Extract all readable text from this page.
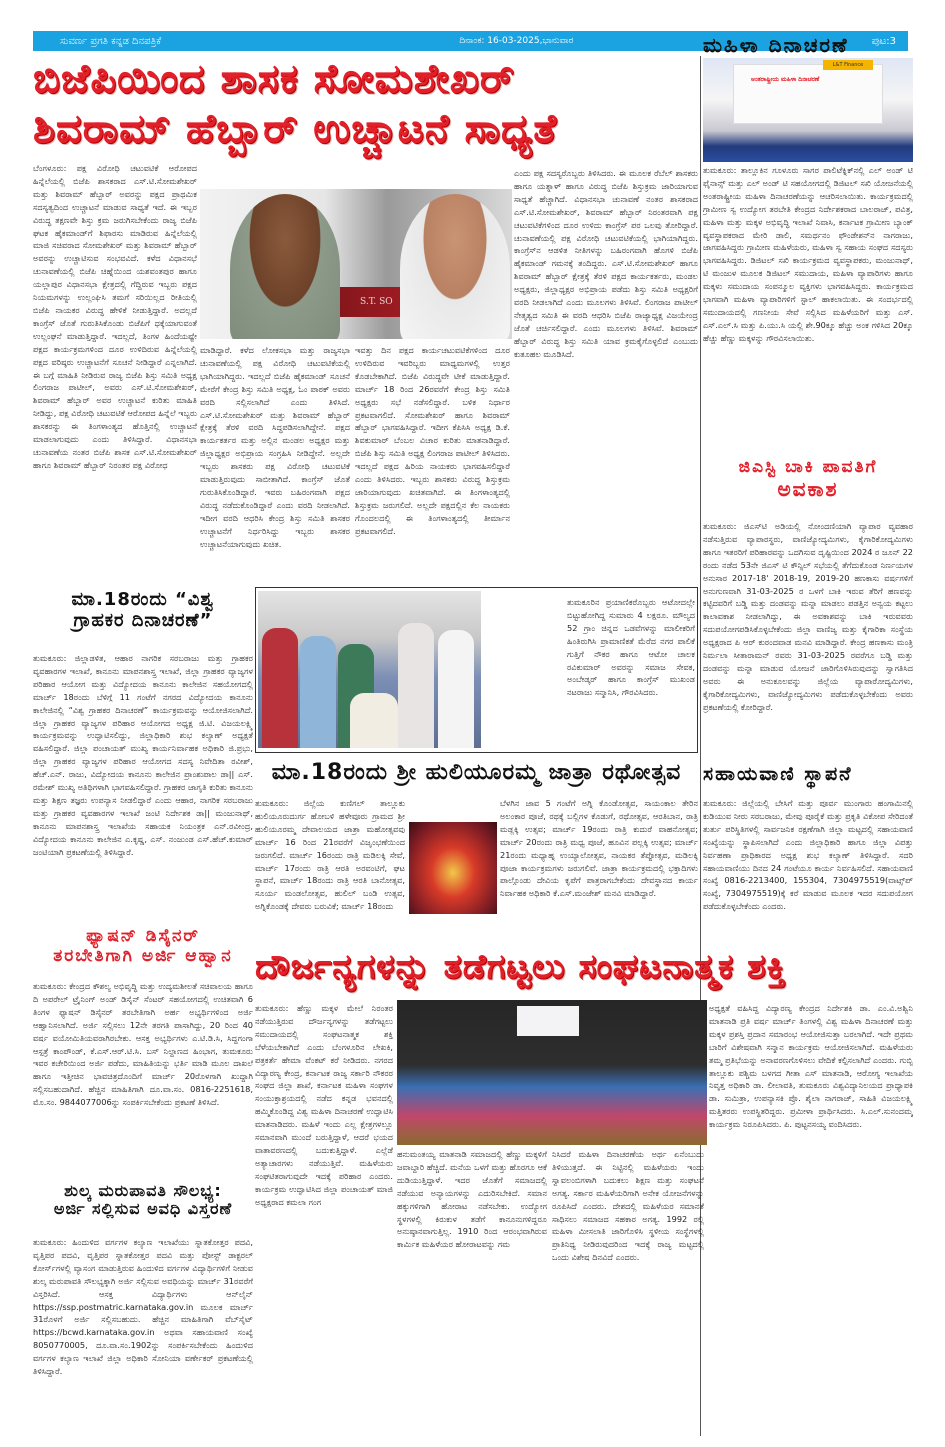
ಸುವರ್ಣ ಪ್ರಗತಿ ಕನ್ನಡ ದಿನಪತ್ರಿಕೆ	ದಿನಾಂಕ: 16-03-2025,ಭಾನುವಾರ	ಪುಟ:3
ಬಿಜೆಪಿಯಿಂದ ಶಾಸಕ ಸೋಮಶೇಖರ್
ಶಿವರಾಮ್ ಹೆಬ್ಬಾರ್ ಉಚ್ಚಾಟನೆ ಸಾಧ್ಯತೆ
S.T. SO
ಬೆಂಗಳೂರು: ಪಕ್ಷ ವಿರೋಧಿ ಚಟುವಟಿಕೆ ಆರೋಪದ ಹಿನ್ನೆಲೆಯಲ್ಲಿ ಬಿಜೆಪಿ ಶಾಸಕರಾದ ಎಸ್.ಟಿ.ಸೋಮಶೇಖರ್ ಮತ್ತು ಶಿವರಾಮ್ ಹೆಬ್ಬಾರ್ ಅವರನ್ನು ಪಕ್ಷದ ಪ್ರಾಥಮಿಕ ಸದಸ್ಯತ್ವದಿಂದ ಉಚ್ಚಾಟನೆ ಮಾಡುವ ಸಾಧ್ಯತೆ ಇದೆ. ಈ ಇಬ್ಬರ ವಿರುದ್ಧ ತಕ್ಷಣವೇ ಶಿಸ್ತು ಕ್ರಮ ಜರುಗಿಸಬೇಕೆಂದು ರಾಜ್ಯ ಬಿಜೆಪಿ ಘಟಕ ಹೈಕಮಾಂಡ್‌ಗೆ ಶಿಫಾರಸು ಮಾಡಿರುವ ಹಿನ್ನೆಲೆಯಲ್ಲಿ ಮಾಜಿ ಸಚಿವರಾದ ಸೋಮಶೇಖರ್ ಮತ್ತು ಶಿವರಾಮ್ ಹೆಬ್ಬಾರ್ ಅವರನ್ನು ಉಚ್ಚಾಟಿಸುವ ಸಂಭವವಿದೆ. ಕಳೆದ ವಿಧಾನಸಭೆ ಚುನಾವಣೆಯಲ್ಲಿ ಬಿಜೆಪಿ ಚಿಹ್ನೆಯಿಂದ ಯಶವಂತಪುರ ಹಾಗೂ ಯಲ್ಲಾಪುರ ವಿಧಾನಸಭಾ ಕ್ಷೇತ್ರದಲ್ಲಿ ಗೆದ್ದಿರುವ ಇಬ್ಬರು ಪಕ್ಷದ ನಿಯಮಗಳನ್ನು ಉಲ್ಲಂಘಿಸಿ ತಮಗೆ ಸರಿಯಿಲ್ಲದ ರೀತಿಯಲ್ಲಿ ಬಿಜೆಪಿ ನಾಯಕರ ವಿರುದ್ಧ ಹೇಳಿಕೆ ನೀಡುತ್ತಿದ್ದಾರೆ. ಅದಲ್ಲದೆ ಕಾಂಗ್ರೆಸ್ ಜೊತೆ ಗುರುತಿಸಿಕೊಂಡು ಬಿಜೆಪಿಗೆ ಧಕ್ಕೆಯಾಗುವಂತೆ ಉಲ್ಲಂಘನೆ ಮಾಡುತ್ತಿದ್ದಾರೆ. ಇದಲ್ಲದೆ, ತಿಂಗಳ ಹಿಂದೆಯಷ್ಟೇ ಪಕ್ಷದ ಕಾರ್ಯಕ್ರಮಗಳಿಂದ ದೂರ ಉಳಿದಿರುವ ಹಿನ್ನೆಲೆಯಲ್ಲಿ ಪಕ್ಷದ ವರಿಷ್ಠರು ಉಚ್ಚಾಟನೆಗೆ ಸೂಚನೆ ನೀಡಿದ್ದಾರೆ ಎನ್ನಲಾಗಿದೆ. ಈ ಬಗ್ಗೆ ಮಾಹಿತಿ ನೀಡಿರುವ ರಾಜ್ಯ ಬಿಜೆಪಿ ಶಿಸ್ತು ಸಮಿತಿ ಅಧ್ಯಕ್ಷ ಲಿಂಗರಾಜ ಪಾಟೀಲ್, ಅವರು ಎಸ್.ಟಿ.ಸೋಮಶೇಖರ್, ಶಿವರಾಮ್ ಹೆಬ್ಬಾರ್ ಅವರ ಉಚ್ಚಾಟನೆ ಕುರಿತು ಮಾಹಿತಿ ನೀಡಿದ್ದು, ಪಕ್ಷ ವಿರೋಧಿ ಚಟುವಟಿಕೆ ಆರೋಪದ ಹಿನ್ನೆಲೆ ಇಬ್ಬರು ಶಾಸಕರನ್ನು ಈ ತಿಂಗಳಾಂತ್ಯದ ಹೊತ್ತಿನಲ್ಲಿ ಉಚ್ಚಾಟನೆ ಮಾಡಲಾಗುವುದು ಎಂದು ತಿಳಿಸಿದ್ದಾರೆ. ವಿಧಾನಸಭಾ ಚುನಾವಣೆಯ ನಂತರ ಬಿಜೆಪಿ ಶಾಸಕ ಎಸ್.ಟಿ.ಸೋಮಶೇಖರ್ ಹಾಗೂ ಶಿವರಾಮ್ ಹೆಬ್ಬಾರ್ ನಿರಂತರ ಪಕ್ಷ ವಿರೋಧ
ಮಾಡಿದ್ದಾರೆ. ಕಳೆದ ಲೋಕಸಭಾ ಮತ್ತು ರಾಜ್ಯಸಭಾ ಚುನಾವಣೆಯಲ್ಲಿ ಪಕ್ಷ ವಿರೋಧಿ ಚಟುವಟಿಕೆಯಲ್ಲಿ ಭಾಗಿಯಾಗಿದ್ದರು. ಇದಲ್ಲದೆ ಬಿಜೆಪಿ ಹೈಕಮಾಂಡ್ ಸೂಚನೆ ಮೇರೆಗೆ ಕೇಂದ್ರ ಶಿಸ್ತು ಸಮಿತಿ ಅಧ್ಯಕ್ಷ, ಓಂ ಪಾಠಕ್ ಅವರು ವರದಿ ಸಲ್ಲಿಸಲಾಗಿದೆ ಎಂದು ತಿಳಿಸಿದೆ. ಎಸ್.ಟಿ.ಸೋಮಶೇಖರ್ ಮತ್ತು ಶಿವರಾಮ್ ಹೆಬ್ಬಾರ್ ಕ್ಷೇತ್ರಕ್ಕೆ ತೆರಳಿ ವರದಿ ಸಿದ್ಧಪಡಿಸಲಾಗಿದ್ದೇನೆ. ಪಕ್ಷದ ಕಾರ್ಯಕರ್ತರ ಮತ್ತು ಅಲ್ಲಿನ ಮಂಡಲ ಅಧ್ಯಕ್ಷರ ಮತ್ತು ಜಿಲ್ಲಾಧ್ಯಕ್ಷರ ಅಭಿಪ್ರಾಯ ಸಂಗ್ರಹಿಸಿ ನೀಡಿದ್ದೇನೆ. ಅಲ್ಲದೇ ಇಬ್ಬರು ಶಾಸಕರು ಪಕ್ಷ ವಿರೋಧಿ ಚಟುವಟಿಕೆ ಮಾಡುತ್ತಿರುವುದು ಸಾಬೀತಾಗಿದೆ. ಕಾಂಗ್ರೆಸ್ ಜೊತೆ ಗುರುತಿಸಿಕೊಂಡಿದ್ದಾರೆ. ಇವರು ಬಹಿರಂಗವಾಗಿ ಪಕ್ಷದ ವಿರುದ್ಧ ನಡೆದುಕೊಂಡಿದ್ದಾರೆ ಎಂದು ವರದಿ ನೀಡಲಾಗಿದೆ. ಇದೀಗ ವರದಿ ಆಧರಿಸಿ ಕೇಂದ್ರ ಶಿಸ್ತು ಸಮಿತಿ ಶಾಸಕರ ಉಚ್ಚಾಟನೆಗೆ ನಿರ್ಧರಿಸಿದ್ದು ಇಬ್ಬರು ಶಾಸಕರ ಉಚ್ಚಾಟನೆಯಾಗುವುದು ಖಚಿತ.
ಇವತ್ತು ದಿನ ಪಕ್ಷದ ಕಾರ್ಯಚಟುವಟಿಕೆಗಳಿಂದ ದೂರ ಉಳಿದಿರುವ ಇವರಿಬ್ಬರು ಮಾಧ್ಯಮಗಳಲ್ಲಿ ಉತ್ತರ ಕೊಡಬೇಕಾಗಿದೆ. ಬಿಜೆಪಿ ವಿರುದ್ಧವೇ ಟೀಕೆ ಮಾಡುತ್ತಿದ್ದಾರೆ. ಮಾರ್ಚ್ 18 ರಿಂದ 26ರವರೆಗೆ ಕೇಂದ್ರ ಶಿಸ್ತು ಸಮಿತಿ ಅಧ್ಯಕ್ಷರು ಸಭೆ ನಡೆಸಲಿದ್ದಾರೆ. ಬಳಿಕ ನಿರ್ಧಾರ ಪ್ರಕಟವಾಗಲಿದೆ. ಸೋಮಶೇಖರ್ ಹಾಗೂ ಶಿವರಾಮ್ ಹೆಬ್ಬಾರ್ ಭಾಗವಹಿಸಿದ್ದಾರೆ. ಇದೀಗ ಕೆಪಿಸಿಸಿ ಅಧ್ಯಕ್ಷ ಡಿ.ಕೆ. ಶಿವಕುಮಾರ್ ಬೆಂಬಲ ವಿಚಾರ ಕುರಿತು ಮಾತನಾಡಿದ್ದಾರೆ. ಬಿಜೆಪಿ ಶಿಸ್ತು ಸಮಿತಿ ಅಧ್ಯಕ್ಷ ಲಿಂಗರಾಜ ಪಾಟೀಲ್ ತಿಳಿಸಿದರು. ಇದಲ್ಲದೆ ಪಕ್ಷದ ಹಿರಿಯ ನಾಯಕರು ಭಾಗವಹಿಸಲಿದ್ದಾರೆ ಎಂದು ತಿಳಿಸಿದರು. ಇಬ್ಬರು ಶಾಸಕರು ವಿರುದ್ಧ ಶಿಸ್ತುಕ್ರಮ ಜಾರಿಯಾಗುವುದು ಖಚಿತವಾಗಿದೆ. ಈ ತಿಂಗಳಾಂತ್ಯದಲ್ಲಿ ಶಿಸ್ತುಕ್ರಮ ಜರುಗಲಿದೆ. ಅಲ್ಲದೇ ಪಕ್ಷದಲ್ಲಿನ ಕೆಲ ನಾಯಕರು ಗೊಂದಲದಲ್ಲಿ ಈ ತಿಂಗಳಾಂತ್ಯದಲ್ಲಿ ತೀರ್ಮಾನ ಪ್ರಕಟವಾಗಲಿದೆ.
ಎಂದು ಪಕ್ಷ ಸದಸ್ಯರೊಬ್ಬರು ತಿಳಿಸಿದರು. ಈ ಮೂಲಕ ರೆಬೆಲ್ ಶಾಸಕರು ಹಾಗೂ ಯತ್ನಾಳ್ ಹಾಗೂ ವಿರುದ್ಧ ಬಿಜೆಪಿ ಶಿಸ್ತುಕ್ರಮ ಜಾರಿಯಾಗುವ ಸಾಧ್ಯತೆ ಹೆಚ್ಚಾಗಿದೆ. ವಿಧಾನಸಭಾ ಚುನಾವಣೆ ನಂತರ ಶಾಸಕರಾದ ಎಸ್.ಟಿ.ಸೋಮಶೇಖರ್, ಶಿವರಾಮ್ ಹೆಬ್ಬಾರ್ ನಿರಂತರವಾಗಿ ಪಕ್ಷ ಚಟುವಟಿಕೆಗಳಿಂದ ದೂರ ಉಳಿದು ಕಾಂಗ್ರೆಸ್ ಪರ ಒಲವು ತೋರಿದ್ದಾರೆ. ಚುನಾವಣೆಯಲ್ಲಿ ಪಕ್ಷ ವಿರೋಧಿ ಚಟುವಟಿಕೆಯಲ್ಲಿ ಭಾಗಿಯಾಗಿದ್ದರು. ಕಾಂಗ್ರೆಸ್‌ನ ಆಡಳಿತ ನೀತಿಗಳನ್ನು ಬಹಿರಂಗವಾಗಿ ಹೊಗಳಿ ಬಿಜೆಪಿ ಹೈಕಮಾಂಡ್ ಗಮನಕ್ಕೆ ತಂದಿದ್ದರು. ಎಸ್.ಟಿ.ಸೋಮಶೇಖರ್ ಹಾಗೂ ಶಿವರಾಮ್ ಹೆಬ್ಬಾರ್ ಕ್ಷೇತ್ರಕ್ಕೆ ತೆರಳಿ ಪಕ್ಷದ ಕಾರ್ಯಕರ್ತರು, ಮಂಡಲ ಅಧ್ಯಕ್ಷರು, ಜಿಲ್ಲಾಧ್ಯಕ್ಷರ ಅಭಿಪ್ರಾಯ ಪಡೆದು ಶಿಸ್ತು ಸಮಿತಿ ಅಧ್ಯಕ್ಷರಿಗೆ ವರದಿ ನೀಡಲಾಗಿದೆ ಎಂದು ಮೂಲಗಳು ತಿಳಿಸಿವೆ. ಲಿಂಗರಾಜ ಪಾಟೀಲ್ ನೇತೃತ್ವದ ಸಮಿತಿ ಈ ವರದಿ ಆಧರಿಸಿ ಬಿಜೆಪಿ ರಾಜ್ಯಾಧ್ಯಕ್ಷ ವಿಜಯೇಂದ್ರ ಜೊತೆ ಚರ್ಚಿಸಲಿದ್ದಾರೆ. ಎಂದು ಮೂಲಗಳು ತಿಳಿಸಿವೆ. ಶಿವರಾಮ್ ಹೆಬ್ಬಾರ್ ವಿರುದ್ಧ ಶಿಸ್ತು ಸಮಿತಿ ಯಾವ ಕ್ರಮಕೈಗೊಳ್ಳಲಿದೆ ಎಂಬುದು ಕುತೂಹಲ ಮೂಡಿಸಿದೆ.
ಮಹಿಳಾ ದಿನಾಚರಣೆ
L&T Finance
ಅಂತರಾಷ್ಟ್ರೀಯ ಮಹಿಳಾ ದಿನಾಚರಣೆ
ತುಮಕೂರು: ತಾಲ್ಲೂಕಿನ ಗೂಳೂರು ಸಾಗರ ಪಾಲಿಟೆಕ್ನಿಕ್‌ನಲ್ಲಿ ಎಲ್ ಅಂಡ್ ಟಿ ಫೈನಾನ್ಸ್ ಮತ್ತು ಎಲ್ ಅಂಡ್ ಟಿ ಸಹಯೋಗದಲ್ಲಿ ಡಿಜಿಟಲ್ ಸಖಿ ಯೋಜನೆಯಲ್ಲಿ ಅಂತರಾಷ್ಟ್ರೀಯ ಮಹಿಳಾ ದಿನಾಚರಣೆಯನ್ನು ಆಚರಿಸಲಾಯಿತು. ಕಾರ್ಯಕ್ರಮದಲ್ಲಿ ಗ್ರಾಮೀಣ ಸ್ವ ಉದ್ಯೋಗ ತರಬೇತಿ ಕೇಂದ್ರದ ನಿರ್ದೇಶಕರಾದ ಬಾಲರಾಜ್, ಪವಿತ್ರ, ಮಹಿಳಾ ಮತ್ತು ಮಕ್ಕಳ ಅಭಿವೃದ್ಧಿ ಇಲಾಖೆ ನಿವಾಸಿ, ಕರ್ನಾಟಕ ಗ್ರಾಮೀಣ ಬ್ಯಾಂಕ್ ವ್ಯವಸ್ಥಾಪಕರಾದ ಮೇರಿ ಡಾಲಿ, ಸಮರ್ಥನಂ ಫೌಂಡೇಶನ್‌ನ ನಾಗರಾಜು, ಜಾಗವಹಿಸಿದ್ದರು ಗ್ರಾಮೀಣ ಮಹಿಳೆಯರು, ಮಹಿಳಾ ಸ್ವ ಸಹಾಯ ಸಂಘದ ಸದಸ್ಯರು ಭಾಗವಹಿಸಿದ್ದರು. ಡಿಜಿಟಲ್ ಸಖಿ ಕಾರ್ಯಕ್ರಮದ ವ್ಯವಸ್ಥಾಪಕರು, ಮಂಜುನಾಥ್, ಟಿ ಮಂಜುಳ ಮೂಲಕ ಡಿಜಿಟಲ್ ಸಮುದಾಯ, ಮಹಿಳಾ ವ್ಯಾಪಾರಿಗಳು ಹಾಗೂ ಮಕ್ಕಳು ಸಮುದಾಯ ಸಂಪನ್ಮೂಲ ವ್ಯಕ್ತಿಗಳು ಭಾಗವಹಿಸಿದ್ದರು. ಕಾರ್ಯಕ್ರಮದ ಭಾಗವಾಗಿ ಮಹಿಳಾ ವ್ಯಾಪಾರಿಗಳಿಗೆ ಸ್ಟಾಲ್ ಹಾಕಲಾಯಿತು. ಈ ಸಂದರ್ಭದಲ್ಲಿ ಸಮುದಾಯದಲ್ಲಿ ಗಣನೀಯ ಸೇವೆ ಸಲ್ಲಿಸಿದ ಮಹಿಳೆಯರಿಗೆ ಮತ್ತು ಎಸ್. ಎಸ್.ಎಲ್.ಸಿ ಮತ್ತು ಪಿ.ಯು.ಸಿ ಯಲ್ಲಿ ಶೇ.90ಕ್ಕೂ ಹೆಚ್ಚು ಅಂಕ ಗಳಿಸಿದ 20ಕ್ಕೂ ಹೆಚ್ಚು ಹೆಣ್ಣು ಮಕ್ಕಳನ್ನು ಗೌರವಿಸಲಾಯಿತು.
ಜಿಎಸ್ಟಿ ಬಾಕಿ ಪಾವತಿಗೆ
ಅವಕಾಶ
ತುಮಕೂರು: ಜಿಎಸ್‌ಟಿ ಅಡಿಯಲ್ಲಿ ನೋಂದಣಿಯಾಗಿ ವ್ಯಾಪಾರ ವ್ಯವಹಾರ ನಡೆಸುತ್ತಿರುವ ವ್ಯಾಪಾರಸ್ಥರು, ವಾಣಿಜ್ಯೋದ್ಯಮಿಗಳು, ಕೈಗಾರಿಕೋದ್ಯಮಿಗಳು ಹಾಗೂ ಇತರರಿಗೆ ಪರಿಹಾರವನ್ನು ಒದಗಿಸುವ ದೃಷ್ಟಿಯಿಂದ 2024 ರ ಜೂನ್ 22 ರಂದು ನಡೆದ 53ನೇ ಜಿಎಸ್ ಟಿ ಕೌನ್ಸಿಲ್ ಸಭೆಯಲ್ಲಿ ತೆಗೆದುಕೊಂಡ ನಿರ್ಣಯಗಳ ಅನುಸಾರ 2017-18' 2018-19, 2019-20 ಹಣಕಾಸು ವರ್ಷಗಳಿಗೆ ಅನುಗುಣವಾಗಿ 31-03-2025 ರ ಒಳಗೆ ಬಾಕಿ ಇರುವ ತೆರಿಗೆ ಹಣವನ್ನು ಕಟ್ಟಿದವರಿಗೆ ಬಡ್ಡಿ ಮತ್ತು ದಂಡವನ್ನು ಮನ್ನಾ ಮಾಡಲು ಪಡತ್ತಿನ ಅನ್ವಯ ಕಟ್ಟಲು ಕಾಲಾವಕಾಶ ನೀಡಲಾಗಿದ್ದು, ಈ ಅವಕಾಶವನ್ನು ಬಾಕಿ ಇರುವವರು ಸದುಪಯೋಗಪಡಿಸಿಕೊಳ್ಳಬೇಕೆಂದು ಜಿಲ್ಲಾ ವಾಣಿಜ್ಯ ಮತ್ತು ಕೈಗಾರಿಕಾ ಸಂಸ್ಥೆಯ ಅಧ್ಯಕ್ಷರಾದ ಪಿ ಆರ್ ಕುರಂದವಾಡ ಮನವಿ ಮಾಡಿದ್ದಾರೆ. ಕೇಂದ್ರ ಹಣಕಾಸು ಮಂತ್ರಿ ನಿರ್ಮಲಾ ಸೀತಾರಾಮನ್ ರವರು 31-03-2025 ರವರೆಗೂ ಬಡ್ಡಿ ಮತ್ತು ದಂಡವನ್ನು ಮನ್ನಾ ಮಾಡುವ ಯೋಜನೆ ಜಾರಿಗೊಳಿಸಿರುವುದನ್ನು ಸ್ವಾಗತಿಸಿದ ಅವರು ಈ ಅನುಕೂಲವನ್ನು ಜಿಲ್ಲೆಯ ವ್ಯಾಪಾರೋದ್ಯಮಿಗಳು, ಕೈಗಾರಿಕೋದ್ಯಮಿಗಳು, ವಾಣಿಜ್ಯೋದ್ಯಮಿಗಳು ಪಡೆದುಕೊಳ್ಳಬೇಕೆಂದು ಅವರು ಪ್ರಕಟಣೆಯಲ್ಲಿ ಕೋರಿದ್ದಾರೆ.
ಸಹಾಯವಾಣಿ ಸ್ಥಾಪನೆ
ತುಮಕೂರು: ಜಿಲ್ಲೆಯಲ್ಲಿ ಬೇಸಿಗೆ ಮತ್ತು ಪೂರ್ವ ಮುಂಗಾರು ಹಂಗಾಮಿನಲ್ಲಿ ಕುಡಿಯುವ ನೀರು ಸರಬರಾಜು, ಮೇವು ಪೂರೈಕೆ ಮತ್ತು ಪ್ರಕೃತಿ ವಿಕೋಪ ಸೇರಿದಂತೆ ತುರ್ತು ಪರಿಸ್ಥಿತಿಗಳಲ್ಲಿ ಸಾರ್ವಜನಿಕ ರಕ್ಷಣೆಗಾಗಿ ಜಿಲ್ಲಾ ಮಟ್ಟದಲ್ಲಿ ಸಹಾಯವಾಣಿ ಸಂಖ್ಯೆಯನ್ನು ಸ್ಥಾಪಿಸಲಾಗಿದೆ ಎಂದು ಜಿಲ್ಲಾಧಿಕಾರಿ ಹಾಗೂ ಜಿಲ್ಲಾ ವಿಪತ್ತು ನಿರ್ವಹಣಾ ಪ್ರಾಧಿಕಾರದ ಅಧ್ಯಕ್ಷ ಶುಭ ಕಲ್ಯಾಣ್ ತಿಳಿಸಿದ್ದಾರೆ. ಸದರಿ ಸಹಾಯವಾಣಿಯು ದಿನದ 24 ಗಂಟೆಯೂ ಕಾರ್ಯ ನಿರ್ವಹಿಸಲಿದೆ. ಸಹಾಯವಾಣಿ ಸಂಖ್ಯೆ 0816-2213400, 155304, 7304975519(ವಾಟ್ಸ್‌ಪ್ ಸಂಖ್ಯೆ, 7304975519)ಕ್ಕೆ ಕರೆ ಮಾಡುವ ಮೂಲಕ ಇದರ ಸದುಪಯೋಗ ಪಡೆದುಕೊಳ್ಳಬೇಕೆಂದು ಎಂದರು.
ಮಾ.18ರಂದು “ವಿಶ್ವ
ಗ್ರಾಹಕರ ದಿನಾಚರಣೆ”
ತುಮಕೂರು: ಜಿಲ್ಲಾಡಳಿತ, ಆಹಾರ ನಾಗರಿಕ ಸರಬರಾಜು ಮತ್ತು ಗ್ರಾಹಕರ ವ್ಯವಹಾರಗಳ ಇಲಾಖೆ, ಕಾನೂನು ಮಾಪನಶಾಸ್ತ್ರ ಇಲಾಖೆ, ಜಿಲ್ಲಾ ಗ್ರಾಹಕರ ವ್ಯಾಜ್ಯಗಳ ಪರಿಹಾರ ಆಯೋಗ ಮತ್ತು ವಿದ್ಯೋದಯ ಕಾನೂನು ಕಾಲೇಜಿನ ಸಹಯೋಗದಲ್ಲಿ ಮಾರ್ಚ್ 18ರಂದು ಬೆಳಿಗ್ಗೆ 11 ಗಂಟೆಗೆ ನಗರದ ವಿದ್ಯೋದಯ ಕಾನೂನು ಕಾಲೇಜಿನಲ್ಲಿ “ವಿಶ್ವ ಗ್ರಾಹಕರ ದಿನಾಚರಣೆ” ಕಾರ್ಯಕ್ರಮವನ್ನು ಆಯೋಜಿಸಲಾಗಿದೆ. ಜಿಲ್ಲಾ ಗ್ರಾಹಕರ ವ್ಯಾಜ್ಯಗಳ ಪರಿಹಾರ ಆಯೋಗದ ಅಧ್ಯಕ್ಷ ಜಿ.ಟಿ. ವಿಜಯಲಕ್ಷ್ಮಿ ಕಾರ್ಯಕ್ರಮವನ್ನು ಉದ್ಘಾಟಿಸಲಿದ್ದು, ಜಿಲ್ಲಾಧಿಕಾರಿ ಶುಭ ಕಲ್ಯಾಣ್ ಅಧ್ಯಕ್ಷತೆ ವಹಿಸಲಿದ್ದಾರೆ. ಜಿಲ್ಲಾ ಪಂಚಾಯತ್ ಮುಖ್ಯ ಕಾರ್ಯನಿರ್ವಾಹಕ ಅಧಿಕಾರಿ ಜಿ.ಪ್ರಭು, ಜಿಲ್ಲಾ ಗ್ರಾಹಕರ ವ್ಯಾಜ್ಯಗಳ ಪರಿಹಾರ ಆಯೋಗದ ಸದಸ್ಯ ನಿವೇದಿತಾ ರವೀಶ್, ಹೆಚ್.ಎನ್. ರಾಜು, ವಿದ್ಯೋದಯ ಕಾನೂನು ಕಾಲೇಜಿನ ಪ್ರಾಂಶುಪಾಲ ಡಾ|| ಎಸ್. ರಮೇಶ್ ಮುಖ್ಯ ಅತಿಥಿಗಳಾಗಿ ಭಾಗವಹಿಸಲಿದ್ದಾರೆ. ಗ್ರಾಹಕರ ಜಾಗೃತಿ ಕುರಿತು ಕಾನೂನು ಮತ್ತು ಶಿಕ್ಷಣ ತಜ್ಞರು ಉಪನ್ಯಾಸ ನೀಡಲಿದ್ದಾರೆ ಎಂದು ಆಹಾರ, ನಾಗರಿಕ ಸರಬರಾಜು ಮತ್ತು ಗ್ರಾಹಕರ ವ್ಯವಹಾರಗಳ ಇಲಾಖೆ ಜಂಟಿ ನಿರ್ದೇಶಕ ಡಾ|| ಮಂಜುನಾಥ್, ಕಾನೂನು ಮಾಪನಶಾಸ್ತ್ರ ಇಲಾಖೆಯ ಸಹಾಯಕ ನಿಯಂತ್ರಕ ಎನ್.ರವೀಂದ್ರ, ವಿದ್ಯೋದಯ ಕಾನೂನು ಕಾಲೇಜಿನ ಎ.ಕೃಷ್ಣ, ಎಸ್. ನಂಜುಂಡ ಎಸ್.ಹೆಚ್.ಕುಮಾರ್ ಜಂಟಿಯಾಗಿ ಪ್ರಕಟಣೆಯಲ್ಲಿ ತಿಳಿಸಿದ್ದಾರೆ.
ತುಮಕೂರಿನ ಪ್ರಯಾಣಿಕರೊಬ್ಬರು ಆಟೋದಲ್ಲೇ ಬಿಟ್ಟುಹೋಗಿದ್ದ ಸುಮಾರು 4 ಲಕ್ಷರೂ. ಮೌಲ್ಯದ 52 ಗ್ರಾಂ ಚಿನ್ನದ ಒಡವೆಗಳನ್ನು ಮಾಲೀಕರಿಗೆ ಹಿಂತಿರುಗಿಸಿ ಪ್ರಾಮಾಣಿಕತೆ ಮೆರೆದ ನಗರ ಪಾಲಿಕೆ ಗುತ್ತಿಗೆ ನೌಕರ ಹಾಗೂ ಆಟೋ ಚಾಲಕ ರವಿಕುಮಾರ್ ಅವರನ್ನು ಸಮಾಜ ಸೇವಕ, ಅಂಬೇಡ್ಕರ್ ಹಾಗೂ ಕಾಂಗ್ರೆಸ್ ಮುಖಂಡ ನಟರಾಜು ಸನ್ಮಾನಿಸಿ, ಗೌರವಿಸಿದರು.
ಮಾ.18ರಂದು ಶ್ರೀ ಹುಲಿಯೂರಮ್ಮ ಜಾತ್ರಾ ರಥೋತ್ಸವ
ತುಮಕೂರು: ಜಿಲ್ಲೆಯ ಕುಣಿಗಲ್ ತಾಲ್ಲೂಕು ಹುಲಿಯೂರುದುರ್ಗ ಹೋಬಳಿ ಹಳೇವೂರು ಗ್ರಾಮದ ಶ್ರೀ ಹುಲಿಯೂರಮ್ಮ ದೇವಾಲಯದ ಜಾತ್ರಾ ಮಹೋತ್ಸವವು ಮಾರ್ಚ್ 16 ರಿಂದ 21ರವರೆಗೆ ವಿಜೃಂಭಣೆಯಿಂದ ಜರುಗಲಿದೆ. ಮಾರ್ಚ್ 16ರಂದು ರಾತ್ರಿ ಮಡಿಲಕ್ಕಿ ಸೇವೆ, ಮಾರ್ಚ್ 17ರಂದು ರಾತ್ರಿ ಆರತಿ ಅರವಂಟಿಗೆ, ಘಟ ಸ್ಥಾಪನೆ, ಮಾರ್ಚ್ 18ರಂದು ರಾತ್ರಿ ಆರತಿ ಬಾನೋತ್ಸವ, ಸೂರ್ಯ ಮಂಡಲೋತ್ಸವ, ಹುಲಿಲ್ ಬಂಡಿ ಉತ್ಸವ, ಅಗ್ನಿಕೊಂಡಕ್ಕೆ ದೇವರು ಬರುವಿಕೆ; ಮಾರ್ಚ್ 18ರಂದು
ಬೆಳಗಿನ ಜಾವ 5 ಗಂಟೆಗೆ ಅಗ್ನಿ ಕೊಂಡೋತ್ಸವ, ಸಾಯಂಕಾಲ ತೇರಿನ ಅಲಂಕಾರ ಪೂಜೆ, ರಥಕ್ಕೆ ಬಲ್ಲಿಗಳ ಕೊಡುಗೆ, ರಥೋತ್ಸವ, ಆರತಿಬಾನ, ರಾತ್ರಿ ಮಡ್ಲಕ್ಕಿ ಉತ್ಸವ; ಮಾರ್ಚ್ 19ರಂದು ರಾತ್ರಿ ಕುದುರೆ ವಾಹನೋತ್ಸವ; ಮಾರ್ಚ್ 20ರಂದು ರಾತ್ರಿ ಮಧ್ವ ಪೂಜೆ, ಹೂವಿನ ಪಲ್ಲಕ್ಕಿ ಉತ್ಸವ; ಮಾರ್ಚ್ 21ರಂದು ಮಧ್ಯಾಹ್ನ ಉಯ್ಯಾಲೋತ್ಸವ, ನಾಯಕರ ತೆಪ್ಪೋತ್ಸವ, ಮಡಿಲಕ್ಕಿ ಪೂಜಾ ಕಾರ್ಯಕ್ರಮಗಳು ಜರುಗಲಿವೆ. ಜಾತ್ರಾ ಕಾರ್ಯಕ್ರಮದಲ್ಲಿ ಭಕ್ತಾದಿಗಳು ಪಾಲ್ಗೊಂಡು ದೇವಿಯ ಕೃಪೆಗೆ ಪಾತ್ರರಾಗಬೇಕೆಂದು ದೇವಸ್ಥಾನದ ಕಾರ್ಯ ನಿರ್ವಾಹಕ ಅಧಿಕಾರಿ ಕೆ.ಎಸ್.ಮಂಜೇಶ್ ಮನವಿ ಮಾಡಿದ್ದಾರೆ.
ಫ್ಯಾಷನ್ ಡಿಸೈನರ್
ತರಬೇತಿಗಾಗಿ ಅರ್ಜಿ ಆಹ್ವಾನ
ತುಮಕೂರು: ಕೇಂದ್ರದ ಕೌಶಲ್ಯ ಅಭಿವೃದ್ಧಿ ಮತ್ತು ಉದ್ಯಮಶೀಲತೆ ಸಚಿವಾಲಯ ಹಾಗೂ ದಿ ಅಪರೇಲ್ ಟ್ರೈನಿಂಗ್ ಅಂಡ್ ಡಿಸೈನ್ ಸೆಂಟರ್ ಸಹಯೋಗದಲ್ಲಿ ಉಚಿತವಾಗಿ 6 ತಿಂಗಳ ಫ್ಯಾಷನ್ ಡಿಸೈನರ್ ತರಬೇತಿಗಾಗಿ ಅರ್ಹ ಅಭ್ಯರ್ಥಿಗಳಿಂದ ಅರ್ಜಿ ಆಹ್ವಾನಿಸಲಾಗಿದೆ. ಅರ್ಜಿ ಸಲ್ಲಿಸಲು 12ನೇ ತರಗತಿ ಪಾಸಾಗಿದ್ದು, 20 ರಿಂದ 40 ವರ್ಷ ವಯೋಮಿತಿಯವರಾಗಿರಬೇಕು. ಆಸಕ್ತ ಅಭ್ಯರ್ಥಿಗಳು ಎ.ಟಿ.ಡಿ.ಸಿ, ಸಿದ್ದಗಂಗಾ ಆಸ್ಪತ್ರೆ ಕಾಂಪೌಂಡ್, ಕೆ.ಎಸ್.ಆರ್.ಟಿ.ಸಿ. ಬಸ್ ನಿಲ್ದಾಣದ ಹಿಂಭಾಗ, ತುಮಕೂರು ಇವರ ಕಚೇರಿಯಿಂದ ಅರ್ಜಿ ಪಡೆದು, ಮಾಹಿತಿಯನ್ನು ಭರ್ತಿ ಮಾಡಿ ಮೂಲ ದಾಖಲೆ ಹಾಗೂ ಇತ್ತೀಚಿನ ಭಾವಚಿತ್ರದೊಂದಿಗೆ ಮಾರ್ಚ್ 20ರೊಳಗಾಗಿ ಖುದ್ದಾಗಿ ಸಲ್ಲಿಸಬಹುದಾಗಿದೆ. ಹೆಚ್ಚಿನ ಮಾಹಿತಿಗಾಗಿ ದೂ.ವಾ.ಸಂ. 0816-2251618, ಮೊ.ಸಂ. 9844077006ನ್ನು ಸಂಪರ್ಕಿಸಬೇಕೆಂದು ಪ್ರಕಟಣೆ ತಿಳಿಸಿದೆ.
ಶುಲ್ಕ ಮರುಪಾವತಿ ಸೌಲಭ್ಯ:
ಅರ್ಜಿ ಸಲ್ಲಿಸುವ ಅವಧಿ ವಿಸ್ತರಣೆ
ತುಮಕೂರು: ಹಿಂದುಳಿದ ವರ್ಗಗಳ ಕಲ್ಯಾಣ ಇಲಾಖೆಯು ಸ್ನಾತಕೋತ್ತರ ಪದವಿ, ವೃತ್ತಿಪರ ಪದವಿ, ವೃತ್ತಿಪರ ಸ್ನಾತಕೋತ್ತರ ಪದವಿ ಮತ್ತು ಪೋಸ್ಟ್ ಡಾಕ್ಟರಲ್ ಕೋರ್ಸ್‌ಗಳಲ್ಲಿ ವ್ಯಾಸಂಗ ಮಾಡುತ್ತಿರುವ ಹಿಂದುಳಿದ ವರ್ಗಗಳ ವಿದ್ಯಾರ್ಥಿಗಳಿಗೆ ನೀಡುವ ಶುಲ್ಕ ಮರುಪಾವತಿ ಸೌಲಭ್ಯಕ್ಕಾಗಿ ಅರ್ಜಿ ಸಲ್ಲಿಸುವ ಅವಧಿಯನ್ನು ಮಾರ್ಚ್ 31ರವರೆಗೆ ವಿಸ್ತರಿಸಿದೆ. ಆಸಕ್ತ ವಿದ್ಯಾರ್ಥಿಗಳು ಆನ್‌ಲೈನ್ https://ssp.postmatric.karnataka.gov.in ಮೂಲಕ ಮಾರ್ಚ್ 31ರೊಳಗೆ ಅರ್ಜಿ ಸಲ್ಲಿಸಬಹುದು. ಹೆಚ್ಚಿನ ಮಾಹಿತಿಗಾಗಿ ವೆಬ್‌ಸೈಟ್ https://bcwd.karnataka.gov.in ಅಥವಾ ಸಹಾಯವಾಣಿ ಸಂಖ್ಯೆ 8050770005, ದೂ.ವಾ.ಸಂ.1902ನ್ನು ಸಂಪರ್ಕಿಸಬೇಕೆಂದು ಹಿಂದುಳಿದ ವರ್ಗಗಳ ಕಲ್ಯಾಣ ಇಲಾಖೆ ಜಿಲ್ಲಾ ಅಧಿಕಾರಿ ಸೋನಿಯಾ ವರ್ಣೇಕರ್ ಪ್ರಕಟಣೆಯಲ್ಲಿ ತಿಳಿಸಿದ್ದಾರೆ.
ದೌರ್ಜನ್ಯಗಳನ್ನು ತಡೆಗಟ್ಟಲು ಸಂಘಟನಾತ್ಮಕ ಶಕ್ತಿ
ತುಮಕೂರು: ಹೆಣ್ಣು ಮಕ್ಕಳ ಮೇಲೆ ನಿರಂತರ ನಡೆಯುತ್ತಿರುವ ದೌರ್ಜನ್ಯಗಳನ್ನು ತಡೆಗಟ್ಟಲು ಸಮುದಾಯದಲ್ಲಿ ಸಂಘಟನಾತ್ಮಕ ಶಕ್ತಿ ಬೆಳೆಯಬೇಕಾಗಿದೆ ಎಂದು ಬೆಂಗಳೂರಿನ ಲೇಖಕಿ, ಪತ್ರಕರ್ತೆ ಹೇಮಾ ವೆಂಕಟ್ ಕರೆ ನೀಡಿದರು. ನಗರದ ವಿದ್ಯಾರಣ್ಯ ಕೇಂದ್ರ, ಕರ್ನಾಟಕ ರಾಜ್ಯ ಸರ್ಕಾರಿ ನೌಕರರ ಸಂಘದ ಜಿಲ್ಲಾ ಶಾಖೆ, ಕರ್ನಾಟಕ ಮಹಿಳಾ ಸಂಘಗಳ ಸಂಯುಕ್ತಾಶ್ರಯದಲ್ಲಿ ನಡೆದ ಕನ್ನಡ ಭವನದಲ್ಲಿ ಹಮ್ಮಿಕೊಂಡಿದ್ದ ವಿಶ್ವ ಮಹಿಳಾ ದಿನಾಚರಣೆ ಉದ್ಘಾಟಿಸಿ ಮಾತನಾಡಿದರು. ಮಹಿಳೆ ಇಂದು ಎಲ್ಲ ಕ್ಷೇತ್ರಗಳಲ್ಲೂ ಸಮಾನವಾಗಿ ಮುಂದೆ ಬರುತ್ತಿದ್ದಾಳೆ, ಆದರೆ ಭಯದ ವಾತಾವರಣದಲ್ಲಿ ಬದುಕುತ್ತಿದ್ದಾಳೆ. ಎಲ್ಲೆಡೆ ಅತ್ಯಾಚಾರಗಳು ನಡೆಯುತ್ತಿವೆ. ಮಹಿಳೆಯರು ಸಂಘಟಿತರಾಗುವುದೇ ಇದಕ್ಕೆ ಪರಿಹಾರ ಎಂದರು. ಕಾರ್ಯಕ್ರಮ ಉದ್ಘಾಟಿಸಿದ ಜಿಲ್ಲಾ ಪಂಚಾಯತ್ ಮಾಜಿ ಅಧ್ಯಕ್ಷರಾದ ಕಮಲಾ ಗಂಗ
ಹನುಮಂತಯ್ಯ ಮಾತನಾಡಿ ಸಮಾಜದಲ್ಲಿ ಹೆಣ್ಣು ಮಕ್ಕಳಿಗೆ ಜವಾಬ್ದಾರಿ ಹೆಚ್ಚಿದೆ. ಮನೆಯ ಒಳಗೆ ಮತ್ತು ಹೊರಗೂ ಆಕೆ ದುಡಿಯುತ್ತಿದ್ದಾಳೆ. ಇದರ ಜೊತೆಗೆ ಸಮಾಜದಲ್ಲಿ ನಡೆಯುವ ಅನ್ಯಾಯಗಳನ್ನು ಎದುರಿಸಬೇಕಿದೆ. ಸಮಾನ ಹಕ್ಕುಗಳಿಗಾಗಿ ಹೋರಾಟ ನಡೆಸಬೇಕು. ಉದ್ಯೋಗ ಸ್ಥಳಗಳಲ್ಲಿ ಕಿರುಕುಳ ತಡೆಗೆ ಕಾನೂನುಗಳಿದ್ದರೂ ಅನುಷ್ಠಾನವಾಗುತ್ತಿಲ್ಲ. 1910 ರಿಂದ ಆರಂಭವಾಗಿರುವ ಕಾರ್ಮಿಕ ಮಹಿಳೆಯರ ಹೋರಾಟವನ್ನು ಗಮ
ನಿಸಿದರೆ ಮಹಿಳಾ ದಿನಾಚರಣೆಯ ಅರ್ಥ ಏನೆಂಬುದು ತಿಳಿಯುತ್ತದೆ. ಈ ನಿಟ್ಟಿನಲ್ಲಿ ಮಹಿಳೆಯರು ಇಂದು ಸ್ವಾವಲಂಬಿಗಳಾಗಿ ಬದುಕಲು ಶಿಕ್ಷಣ ಮತ್ತು ಸಂಘಟನೆ ಅಗತ್ಯ. ಸರ್ಕಾರ ಮಹಿಳೆಯರಿಗಾಗಿ ಅನೇಕ ಯೋಜನೆಗಳನ್ನು ರೂಪಿಸಿದೆ ಎಂದರು. ದೇಶದಲ್ಲಿ ಮಹಿಳೆಯರ ಸಮಾನತೆ ಸಾಧಿಸಲು ಸಮಾಜದ ಸಹಕಾರ ಅಗತ್ಯ. 1992 ರಲ್ಲಿ ಮಹಿಳಾ ಮೀಸಲಾತಿ ಜಾರಿಗೊಳಿಸಿ ಸ್ಥಳೀಯ ಸಂಸ್ಥೆಗಳಲ್ಲಿ ಪ್ರಾತಿನಿಧ್ಯ ನೀಡಿರುವುದರಿಂದ ಇದಕ್ಕೆ ರಾಜ್ಯ ಮಟ್ಟದಲ್ಲಿ ಒಂದು ವಿಶೇಷ ದಿನವಿದೆ ಎಂದರು.
ಅಧ್ಯಕ್ಷತೆ ವಹಿಸಿದ್ದ ವಿದ್ಯಾರಣ್ಯ ಕೇಂದ್ರದ ನಿರ್ದೇಶಕಿ ಡಾ. ಎಂ.ವಿ.ಅಶ್ವಿನಿ ಮಾತನಾಡಿ ಪ್ರತಿ ವರ್ಷ ಮಾರ್ಚ್ ತಿಂಗಳಲ್ಲಿ ವಿಶ್ವ ಮಹಿಳಾ ದಿನಾಚರಣೆ ಮತ್ತು ಮಕ್ಕಳ ಪ್ರಶಸ್ತಿ ಪ್ರದಾನ ಸಮಾರಂಭ ಆಯೋಜಿಸುತ್ತಾ ಬರಲಾಗಿದೆ. ಇದೇ ಪ್ರಥಮ ಬಾರಿಗೆ ವಿಶೇಷವಾಗಿ ಸನ್ಮಾನ ಕಾರ್ಯಕ್ರಮ ಆಯೋಜಿಸಲಾಗಿದೆ. ಮಹಿಳೆಯರು ತಮ್ಮ ಪ್ರತಿಭೆಯನ್ನು ಅನಾವರಣಗೊಳಿಸಲು ವೇದಿಕೆ ಕಲ್ಪಿಸಲಾಗಿದೆ ಎಂದರು. ಗುಬ್ಬಿ ತಾಲ್ಲೂಕು ಪಶ್ಚಿಮ ಬಳಗದ ಗೀತಾ ಎಸ್ ಮಾತನಾಡಿ, ಆರೋಗ್ಯ ಇಲಾಖೆಯ ನಿವೃತ್ತ ಅಧಿಕಾರಿ ಡಾ. ಲೀಲಾವತಿ, ತುಮಕೂರು ವಿಶ್ವವಿದ್ಯಾನಿಲಯದ ಪ್ರಾಧ್ಯಾಪಕಿ ಡಾ. ಸುಮಿತ್ರಾ, ಉಪನ್ಯಾಸಕಿ ಪ್ರೊ. ಶೈಲಾ ನಾಗರಾಜ್, ಸಾಹಿತಿ ವಿಜಯಲಕ್ಷ್ಮಿ ಮತ್ತಿತರರು ಉಪಸ್ಥಿತರಿದ್ದರು. ಪ್ರಮೀಳಾ ಪ್ರಾರ್ಥಿಸಿದರು. ಸಿ.ಎಲ್.ಸುನಂದಮ್ಮ ಕಾರ್ಯಕ್ರಮ ನಿರೂಪಿಸಿದರು. ಪಿ. ಪುಟ್ಟನಸಯ್ಯ ವಂದಿಸಿದರು.
